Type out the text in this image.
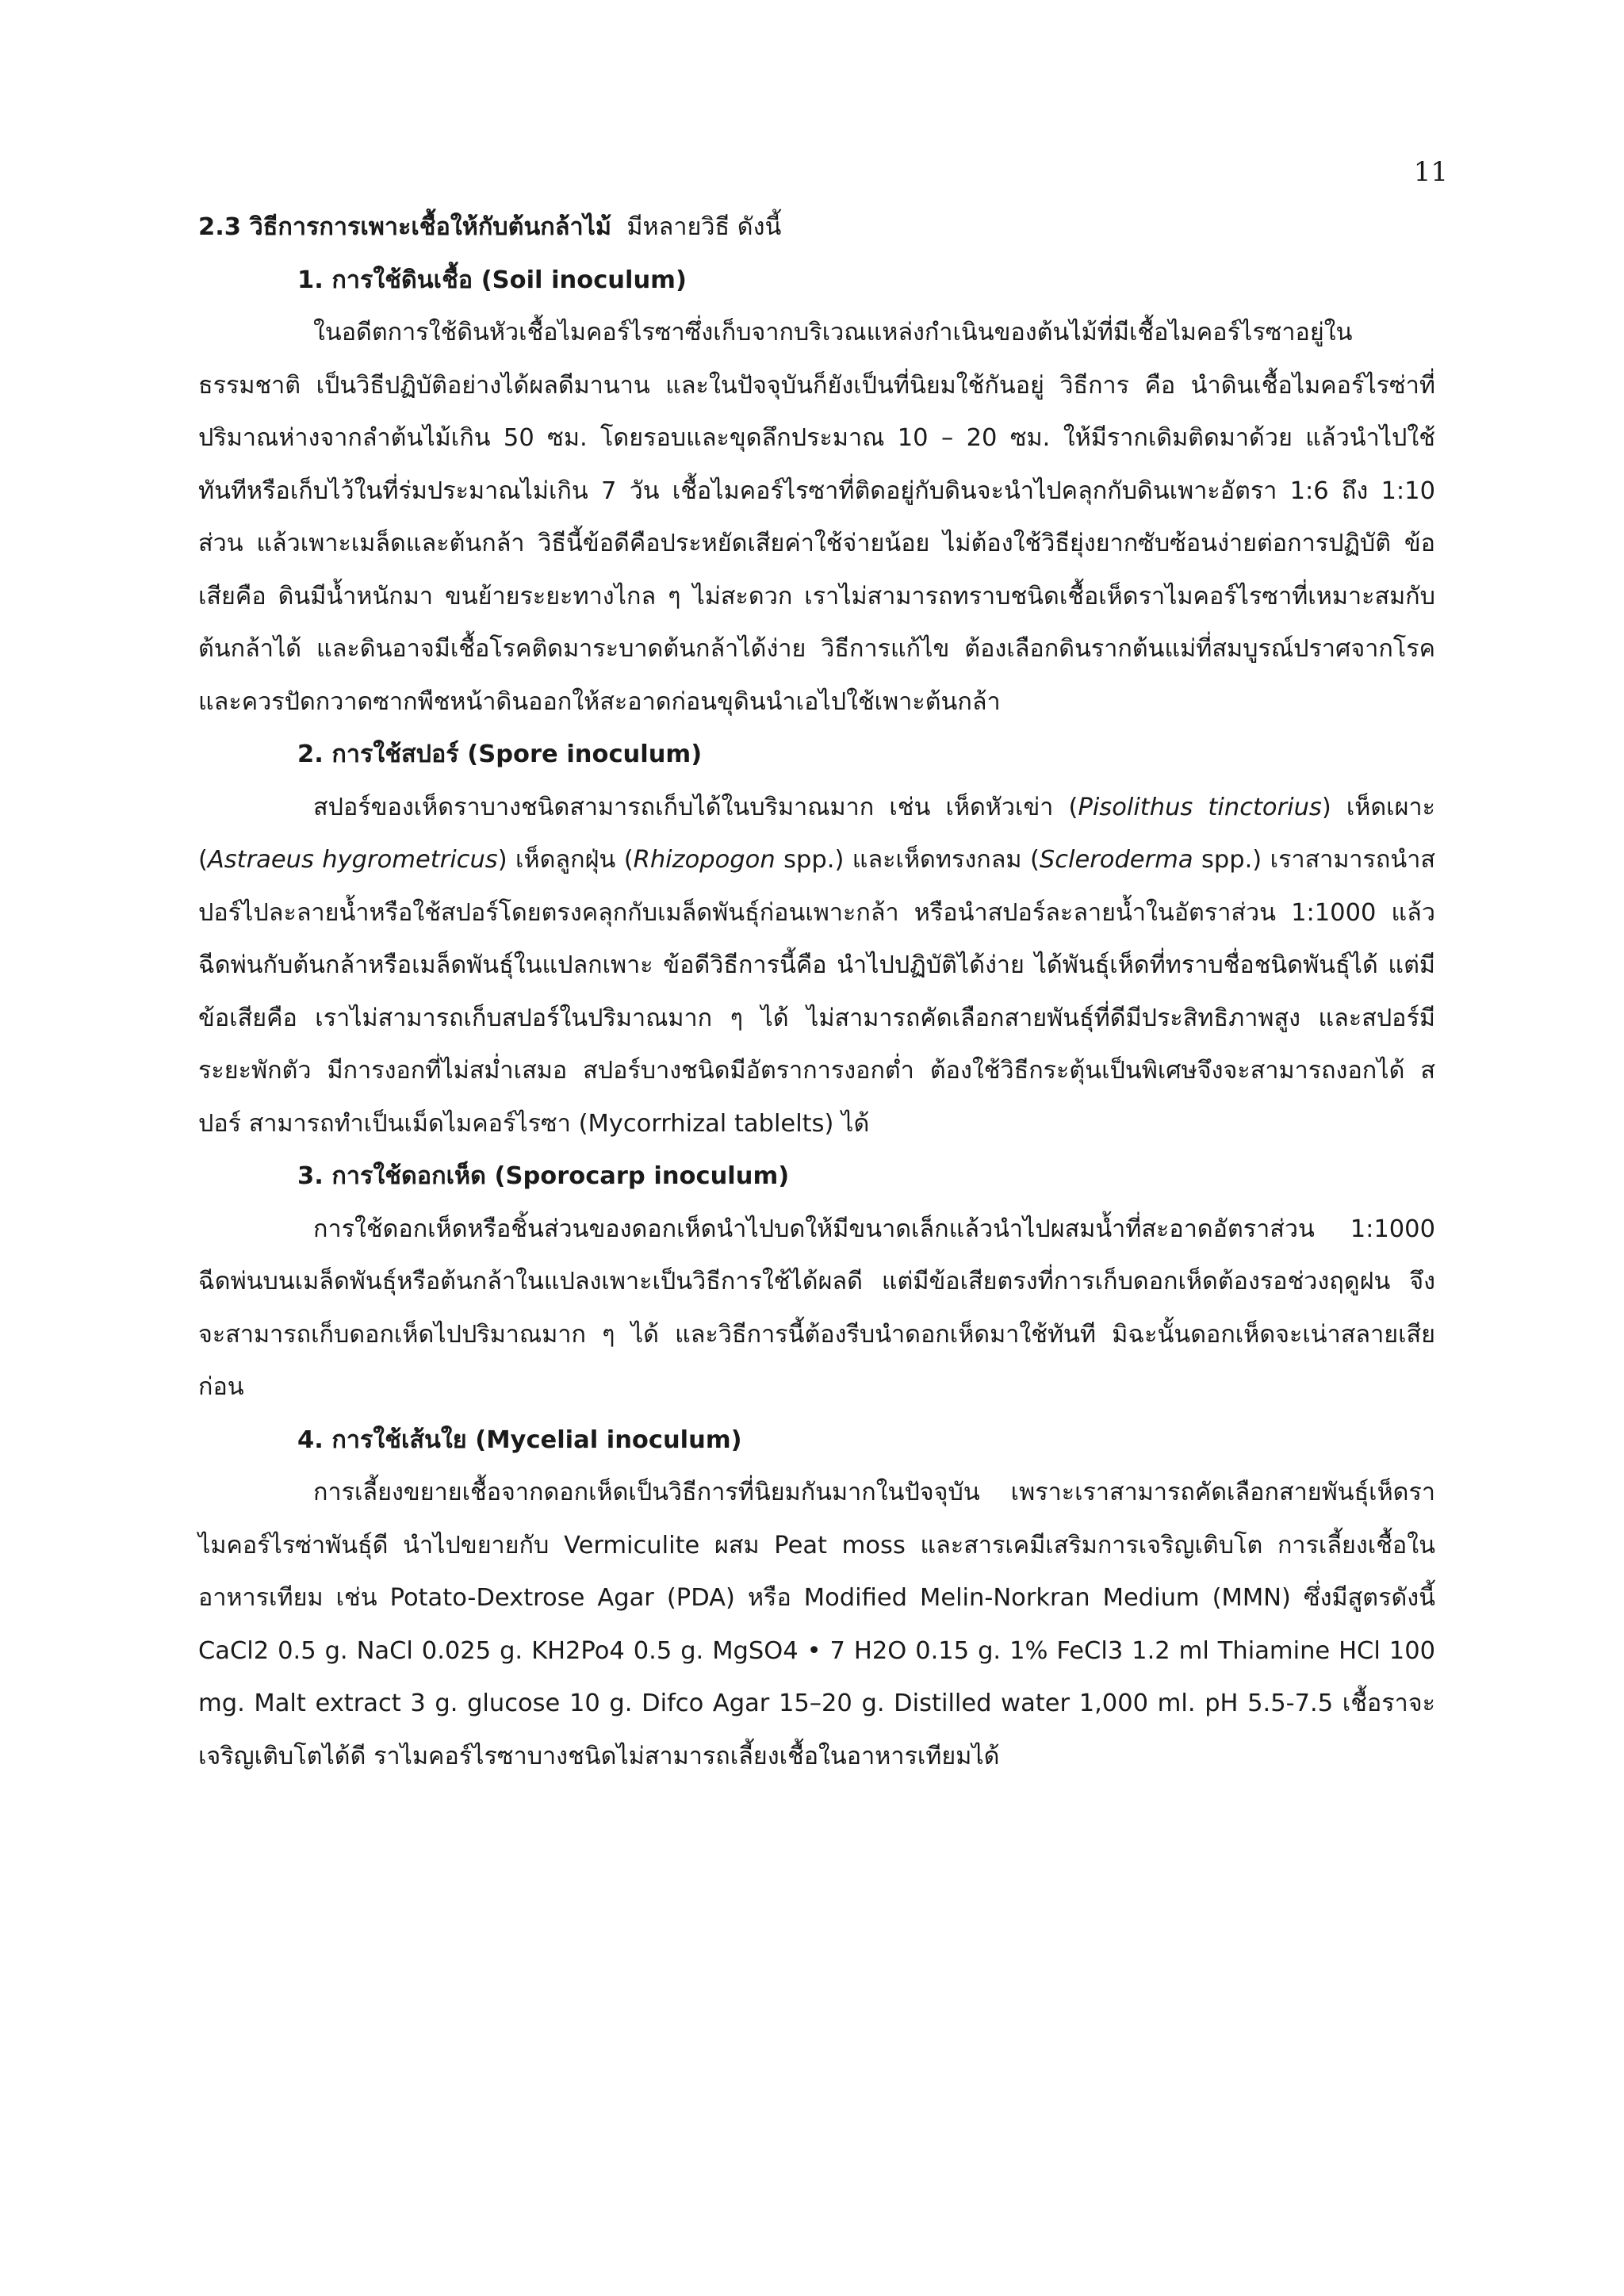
11
2.3 วิธีการการเพาะเชื้อให้กับต้นกล้าไม้  มีหลายวิธี ดังนี้
1. การใช้ดินเชื้อ (Soil inoculum)

ในอดีตการใช้ดินหัวเชื้อไมคอร์ไรซาซึ่งเก็บจากบริเวณแหล่งกำเนินของต้นไม้ที่มีเชื้อไมคอร์ไรซาอยู่ในธรรมชาติ เป็นวิธีปฏิบัติอย่างได้ผลดีมานาน และในปัจจุบันก็ยังเป็นที่นิยมใช้กันอยู่ วิธีการ คือ นำดินเชื้อไมคอร์ไรซ่าที่ปริมาณห่างจากลำต้นไม้เกิน 50 ซม. โดยรอบและขุดลึกประมาณ 10 – 20 ซม. ให้มีรากเดิมติดมาด้วย แล้วนำไปใช้ทันทีหรือเก็บไว้ในที่ร่มประมาณไม่เกิน 7 วัน เชื้อไมคอร์ไรซาที่ติดอยู่กับดินจะนำไปคลุกกับดินเพาะอัตรา 1:6 ถึง 1:10 ส่วน แล้วเพาะเมล็ดและต้นกล้า วิธีนี้ข้อดีคือประหยัดเสียค่าใช้จ่ายน้อย ไม่ต้องใช้วิธียุ่งยากซับซ้อนง่ายต่อการปฏิบัติ ข้อเสียคือ ดินมีน้ำหนักมา ขนย้ายระยะทางไกล ๆ ไม่สะดวก เราไม่สามารถทราบชนิดเชื้อเห็ดราไมคอร์ไรซาที่เหมาะสมกับต้นกล้าได้ และดินอาจมีเชื้อโรคติดมาระบาดต้นกล้าได้ง่าย วิธีการแก้ไข ต้องเลือกดินรากต้นแม่ที่สมบูรณ์ปราศจากโรค และควรปัดกวาดซากพืชหน้าดินออกให้สะอาดก่อนขุดินนำเอไปใช้เพาะต้นกล้า

2. การใช้สปอร์ (Spore inoculum)

สปอร์ของเห็ดราบางชนิดสามารถเก็บได้ในบริมาณมาก เช่น เห็ดหัวเข่า (Pisolithus tinctorius) เห็ดเผาะ (Astraeus hygrometricus) เห็ดลูกฝุ่น (Rhizopogon spp.) และเห็ดทรงกลม (Scleroderma spp.) เราสามารถนำสปอร์ไปละลายน้ำหรือใช้สปอร์โดยตรงคลุกกับเมล็ดพันธุ์ก่อนเพาะกล้า หรือนำสปอร์ละลายน้ำในอัตราส่วน 1:1000 แล้วฉีดพ่นกับต้นกล้าหรือเมล็ดพันธุ์ในแปลกเพาะ ข้อดีวิธีการนี้คือ นำไปปฏิบัติได้ง่าย ได้พันธุ์เห็ดที่ทราบชื่อชนิดพันธุ์ได้ แต่มีข้อเสียคือ เราไม่สามารถเก็บสปอร์ในปริมาณมาก ๆ ได้ ไม่สามารถคัดเลือกสายพันธุ์ที่ดีมีประสิทธิภาพสูง และสปอร์มีระยะพักตัว มีการงอกที่ไม่สม่ำเสมอ สปอร์บางชนิดมีอัตราการงอกต่ำ ต้องใช้วิธีกระตุ้นเป็นพิเศษจึงจะสามารถงอกได้ สปอร์ สามารถทำเป็นเม็ดไมคอร์ไรซา (Mycorrhizal tablelts) ได้

3. การใช้ดอกเห็ด (Sporocarp inoculum)

การใช้ดอกเห็ดหรือชิ้นส่วนของดอกเห็ดนำไปบดให้มีขนาดเล็กแล้วนำไปผสมน้ำที่สะอาดอัตราส่วน 1:1000 ฉีดพ่นบนเมล็ดพันธุ์หรือต้นกล้าในแปลงเพาะเป็นวิธีการใช้ได้ผลดี แต่มีข้อเสียตรงที่การเก็บดอกเห็ดต้องรอช่วงฤดูฝน จึงจะสามารถเก็บดอกเห็ดไปปริมาณมาก ๆ ได้ และวิธีการนี้ต้องรีบนำดอกเห็ดมาใช้ทันที มิฉะนั้นดอกเห็ดจะเน่าสลายเสียก่อน

4. การใช้เส้นใย (Mycelial inoculum)

การเลี้ยงขยายเชื้อจากดอกเห็ดเป็นวิธีการที่นิยมกันมากในปัจจุบัน เพราะเราสามารถคัดเลือกสายพันธุ์เห็ดราไมคอร์ไรซ่าพันธุ์ดี นำไปขยายกับ Vermiculite ผสม Peat moss และสารเคมีเสริมการเจริญเติบโต การเลี้ยงเชื้อในอาหารเทียม เช่น Potato-Dextrose Agar (PDA) หรือ Modified Melin-Norkran Medium (MMN) ซึ่งมีสูตรดังนี้ CaCl2 0.5 g. NaCl 0.025 g. KH2Po4 0.5 g. MgSO4 • 7 H2O 0.15 g. 1% FeCl3 1.2 ml Thiamine HCl 100 mg. Malt extract 3 g. glucose 10 g. Difco Agar 15–20 g. Distilled water 1,000 ml. pH 5.5-7.5 เชื้อราจะเจริญเติบโตได้ดี ราไมคอร์ไรซาบางชนิดไม่สามารถเลี้ยงเชื้อในอาหารเทียมได้
